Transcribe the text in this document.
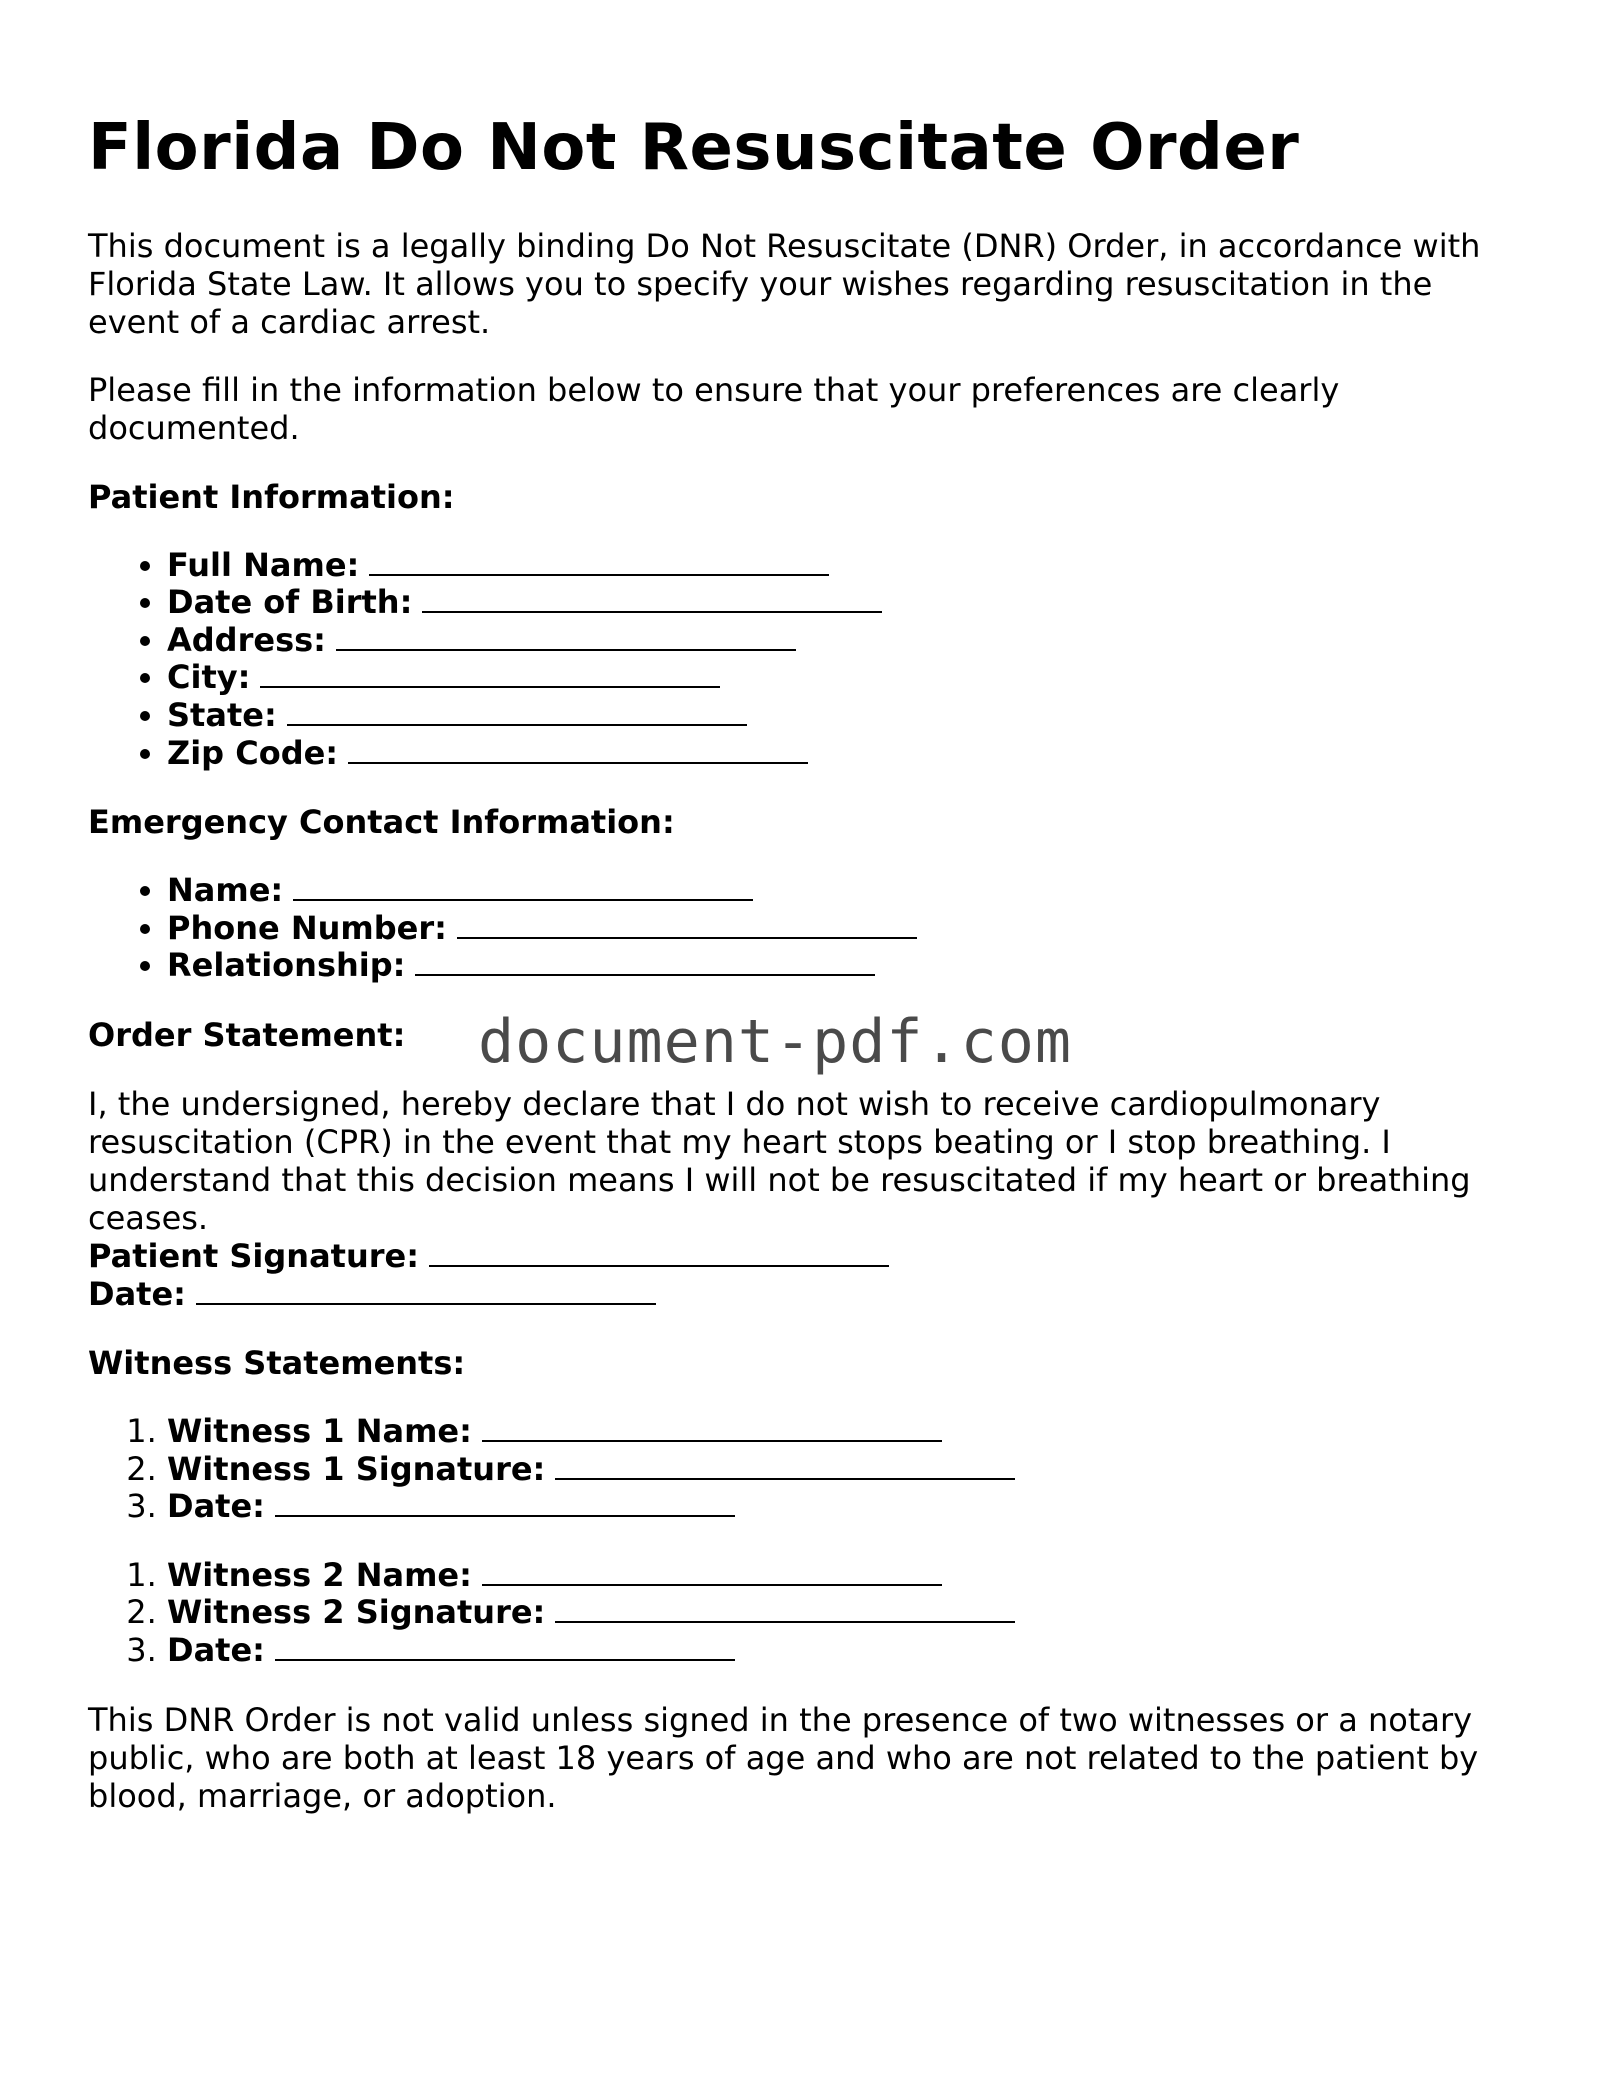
Florida Do Not Resuscitate Order

This document is a legally binding Do Not Resuscitate (DNR) Order, in accordance with Florida State Law. It allows you to specify your wishes regarding resuscitation in the event of a cardiac arrest.

Please fill in the information below to ensure that your preferences are clearly documented.

Patient Information:

• Full Name:
• Date of Birth:
• Address:
• City:
• State:
• Zip Code:

Emergency Contact Information:

• Name:
• Phone Number:
• Relationship:

Order Statement:

I, the undersigned, hereby declare that I do not wish to receive cardiopulmonary resuscitation (CPR) in the event that my heart stops beating or I stop breathing. I understand that this decision means I will not be resuscitated if my heart or breathing ceases.

Patient Signature:

Date:

Witness Statements:

1. Witness 1 Name:
2. Witness 1 Signature:
3. Date:
1. Witness 2 Name:
2. Witness 2 Signature:
3. Date:

This DNR Order is not valid unless signed in the presence of two witnesses or a notary public, who are both at least 18 years of age and who are not related to the patient by blood, marriage, or adoption.

document-pdf.com
